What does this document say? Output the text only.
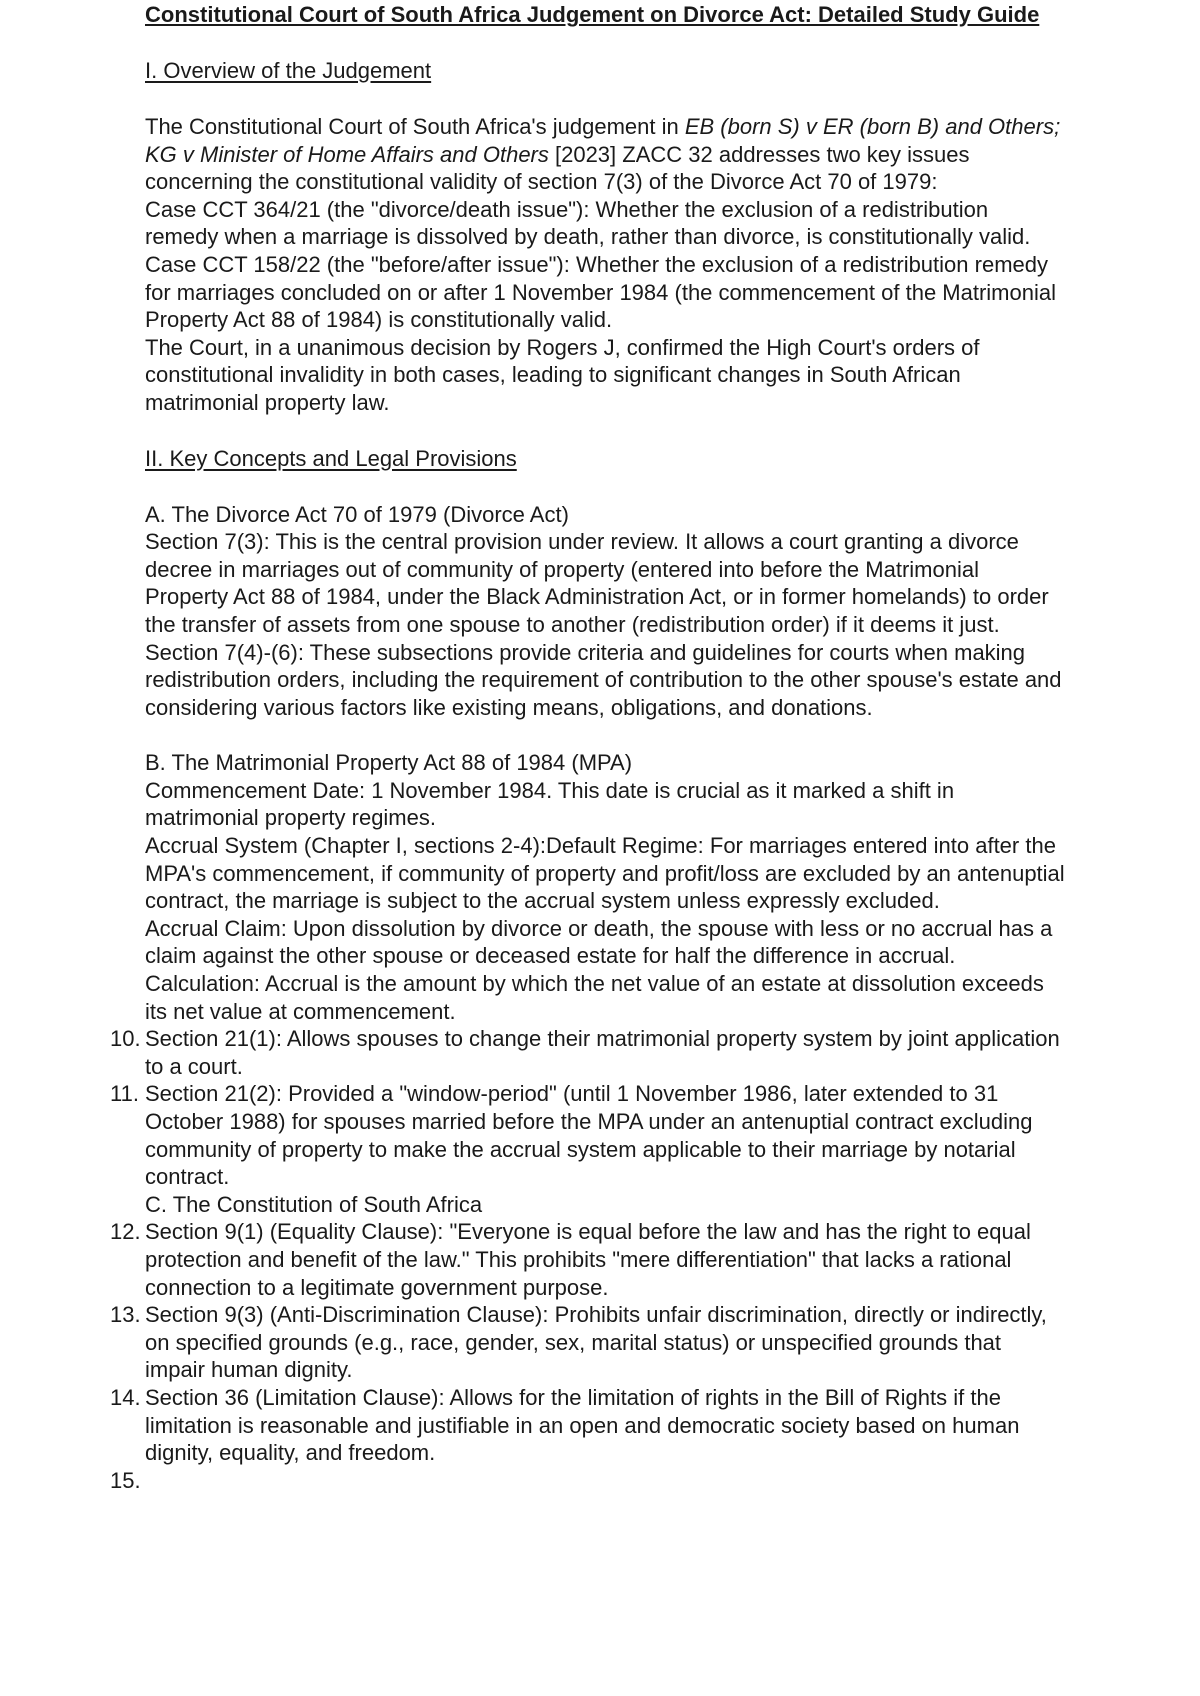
Constitutional Court of South Africa Judgement on Divorce Act: Detailed Study Guide
I. Overview of the Judgement

The Constitutional Court of South Africa's judgement in EB (born S) v ER (born B) and Others; KG v Minister of Home Affairs and Others [2023] ZACC 32 addresses two key issues concerning the constitutional validity of section 7(3) of the Divorce Act 70 of 1979:

Case CCT 364/21 (the "divorce/death issue"): Whether the exclusion of a redistribution remedy when a marriage is dissolved by death, rather than divorce, is constitutionally valid.

Case CCT 158/22 (the "before/after issue"): Whether the exclusion of a redistribution remedy for marriages concluded on or after 1 November 1984 (the commencement of the Matrimonial Property Act 88 of 1984) is constitutionally valid.

The Court, in a unanimous decision by Rogers J, confirmed the High Court's orders of constitutional invalidity in both cases, leading to significant changes in South African matrimonial property law.

II. Key Concepts and Legal Provisions

A. The Divorce Act 70 of 1979 (Divorce Act)

Section 7(3): This is the central provision under review. It allows a court granting a divorce decree in marriages out of community of property (entered into before the Matrimonial Property Act 88 of 1984, under the Black Administration Act, or in former homelands) to order the transfer of assets from one spouse to another (redistribution order) if it deems it just.

Section 7(4)-(6): These subsections provide criteria and guidelines for courts when making redistribution orders, including the requirement of contribution to the other spouse's estate and considering various factors like existing means, obligations, and donations.

B. The Matrimonial Property Act 88 of 1984 (MPA)

Commencement Date: 1 November 1984. This date is crucial as it marked a shift in matrimonial property regimes.

Accrual System (Chapter I, sections 2-4):Default Regime: For marriages entered into after the MPA's commencement, if community of property and profit/loss are excluded by an antenuptial contract, the marriage is subject to the accrual system unless expressly excluded.

Accrual Claim: Upon dissolution by divorce or death, the spouse with less or no accrual has a claim against the other spouse or deceased estate for half the difference in accrual.

Calculation: Accrual is the amount by which the net value of an estate at dissolution exceeds its net value at commencement.

10. Section 21(1): Allows spouses to change their matrimonial property system by joint application to a court.
11. Section 21(2): Provided a "window-period" (until 1 November 1986, later extended to 31 October 1988) for spouses married before the MPA under an antenuptial contract excluding community of property to make the accrual system applicable to their marriage by notarial contract.

C. The Constitution of South Africa

12. Section 9(1) (Equality Clause): "Everyone is equal before the law and has the right to equal protection and benefit of the law." This prohibits "mere differentiation" that lacks a rational connection to a legitimate government purpose.
13. Section 9(3) (Anti-Discrimination Clause): Prohibits unfair discrimination, directly or indirectly, on specified grounds (e.g., race, gender, sex, marital status) or unspecified grounds that impair human dignity.
14. Section 36 (Limitation Clause): Allows for the limitation of rights in the Bill of Rights if the limitation is reasonable and justifiable in an open and democratic society based on human dignity, equality, and freedom.
15.
